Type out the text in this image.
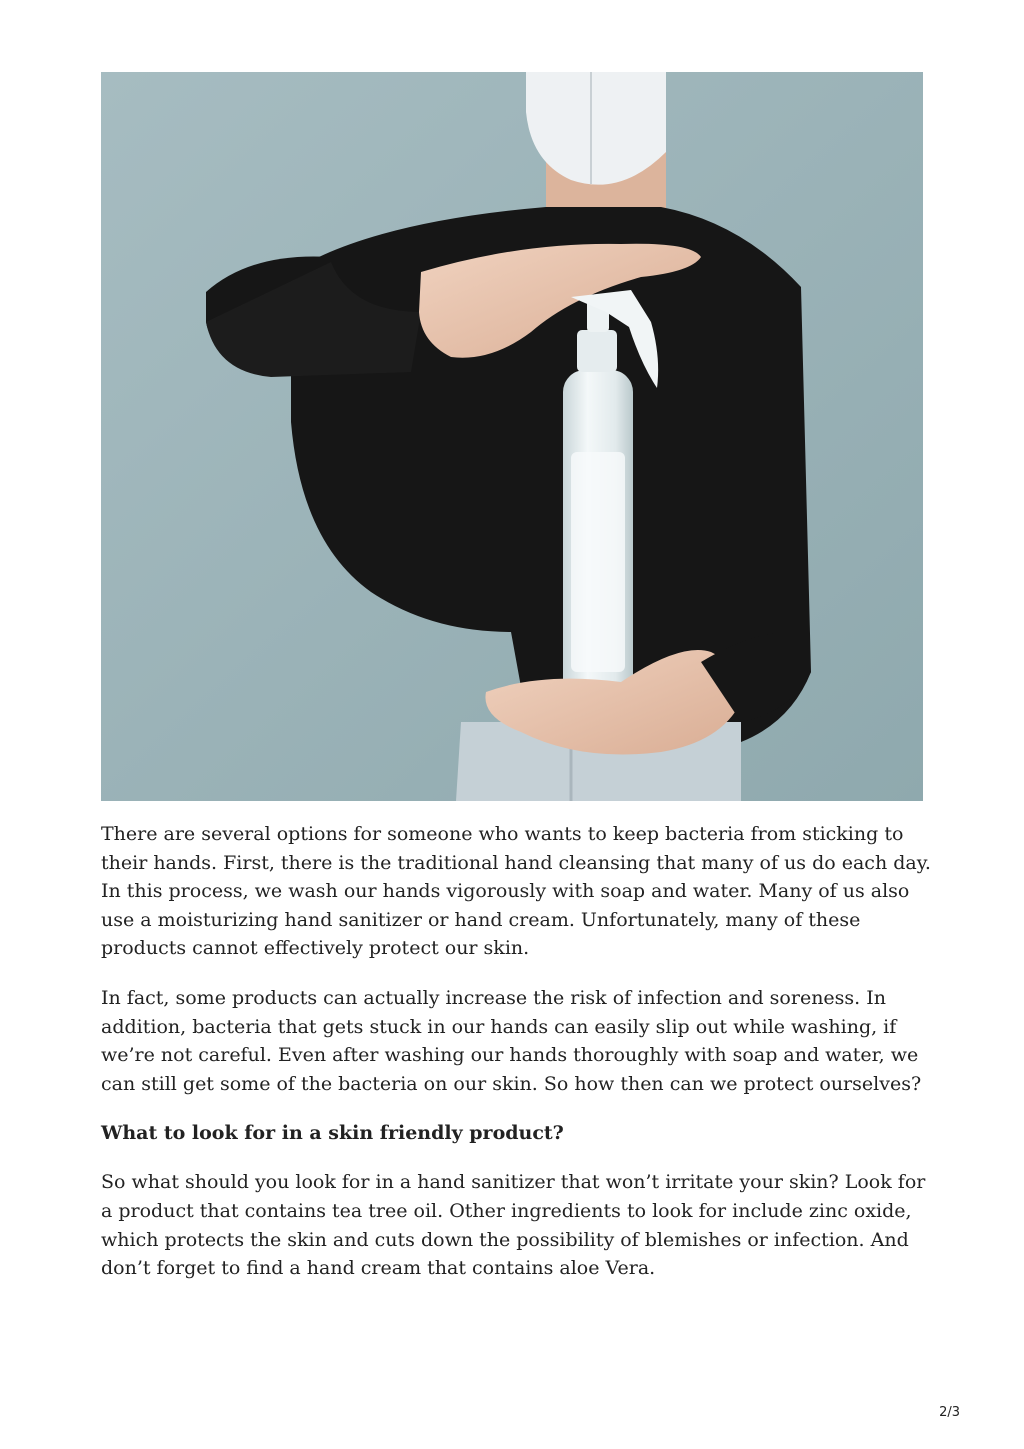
There are several options for someone who wants to keep bacteria from sticking to their hands. First, there is the traditional hand cleansing that many of us do each day. In this process, we wash our hands vigorously with soap and water. Many of us also use a moisturizing hand sanitizer or hand cream. Unfortunately, many of these products cannot effectively protect our skin.

In fact, some products can actually increase the risk of infection and soreness. In addition, bacteria that gets stuck in our hands can easily slip out while washing, if we’re not careful. Even after washing our hands thoroughly with soap and water, we can still get some of the bacteria on our skin. So how then can we protect ourselves?

What to look for in a skin friendly product?

So what should you look for in a hand sanitizer that won’t irritate your skin? Look for a product that contains tea tree oil. Other ingredients to look for include zinc oxide, which protects the skin and cuts down the possibility of blemishes or infection. And don’t forget to find a hand cream that contains aloe Vera.

2/3
